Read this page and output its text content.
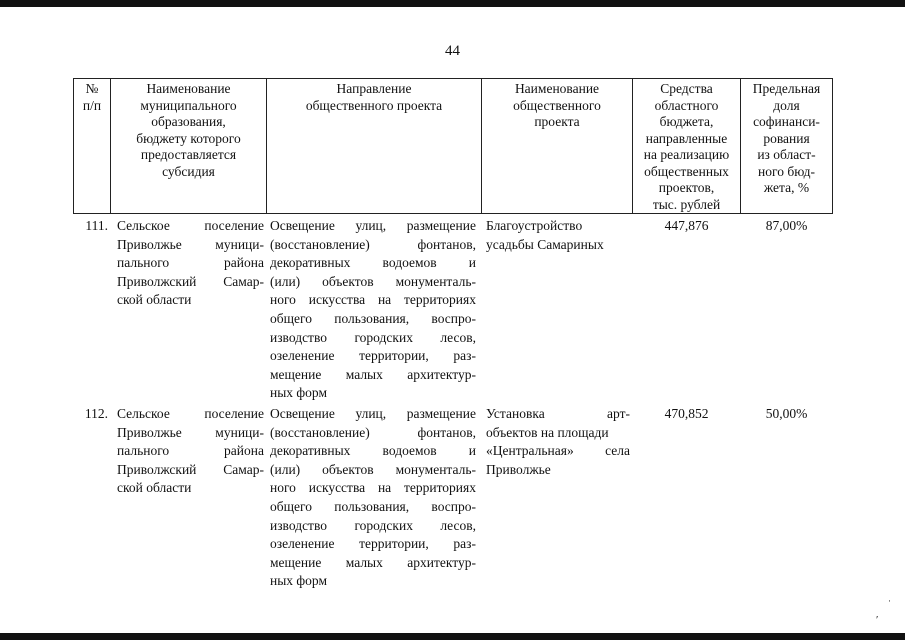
44
№
п/п
Наименование
муниципального
образования,
бюджету которого
предоставляется
субсидия
Направление
общественного проекта
Наименование
общественного
проекта
Средства
областного
бюджета,
направленные
на реализацию
общественных
проектов,
тыс. рублей
Предельная
доля
софинанси-
рования
из област-
ного бюд-
жета, %
111. Сельское поселение
Приволжье муници-
пального района
Приволжский Самар-
ской области
Освещение улиц, размещение
(восстановление) фонтанов,
декоративных водоемов и
(или) объектов монументаль-
ного искусства на территориях
общего пользования, воспро-
изводство городских лесов,
озеленение территории, раз-
мещение малых архитектур-
ных форм
Благоустройство
усадьбы Самариных
447,876	87,00%
112. Сельское поселение
Приволжье муници-
пального района
Приволжский Самар-
ской области
Освещение улиц, размещение
(восстановление) фонтанов,
декоративных водоемов и
(или) объектов монументаль-
ного искусства на территориях
общего пользования, воспро-
изводство городских лесов,
озеленение территории, раз-
мещение малых архитектур-
ных форм
Установка арт-
объектов на площади
«Центральная» села
Приволжье
470,852	50,00%
·
′
